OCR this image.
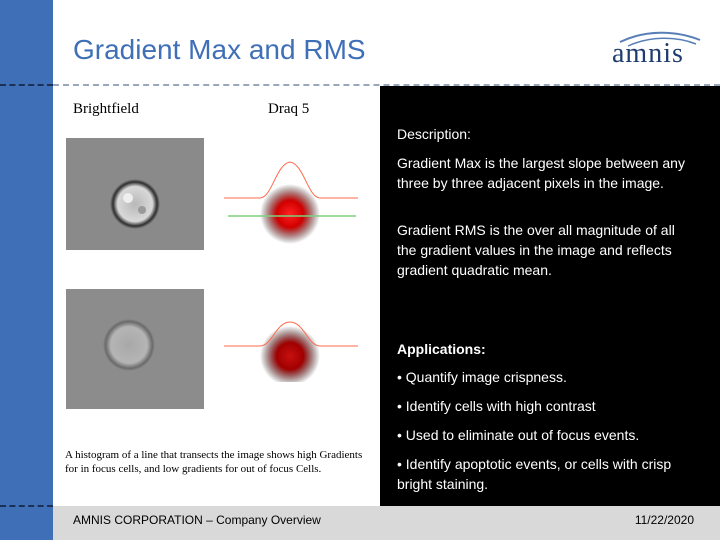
Gradient Max and RMS	amnis
Brightfield	Draq 5
A histogram of a line that transects the image shows high Gradients for in focus cells, and low gradients for out of focus Cells.
Description:
Gradient Max is the largest slope between any three by three adjacent pixels in the image.
Gradient RMS is the over all magnitude of all the gradient values in the image and reflects gradient quadratic mean.
Applications:
• Quantify image crispness.
• Identify cells with high contrast
• Used to eliminate out of focus events.
• Identify apoptotic events, or cells with crisp bright staining.
AMNIS CORPORATION – Company Overview	11/22/2020
